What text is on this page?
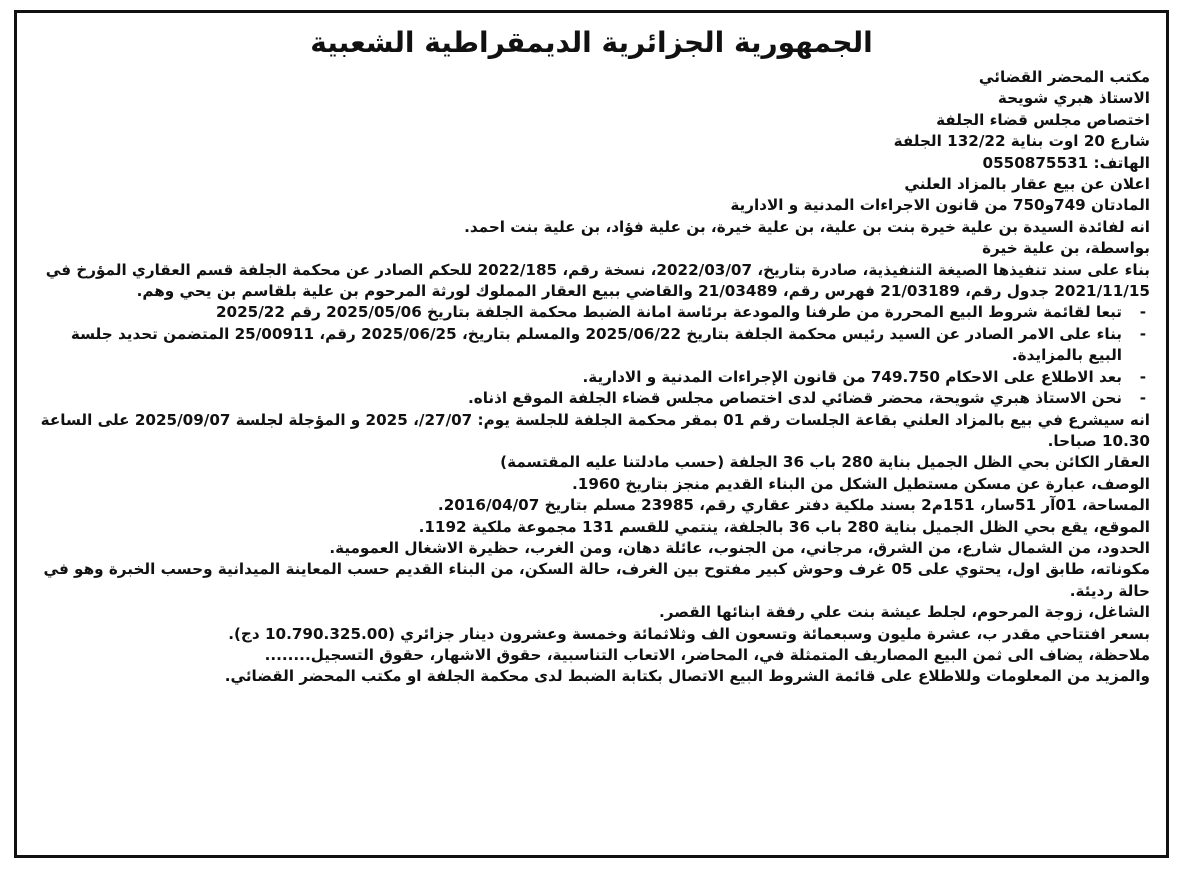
الجمهورية الجزائرية الديمقراطية الشعبية

مكتب المحضر القضائي

الاستاذ هبري شويحة

اختصاص مجلس قضاء الجلفة

شارع 20 اوت بناية 132/22 الجلفة

الهاتف: 0550875531

اعلان عن بيع عقار بالمزاد العلني

المادتان 749و750 من قانون الاجراءات المدنية و الادارية

انه لفائدة السيدة بن علية خيرة بنت بن علية، بن علية خيرة، بن علية فؤاد، بن علية بنت احمد.

بواسطة، بن علية خيرة

بناء على سند تنفيذها الصيغة التنفيذية، صادرة بتاريخ، 2022/03/07، نسخة رقم، 2022/185 للحكم الصادر عن محكمة الجلفة قسم العقاري المؤرخ في 2021/11/15 جدول رقم، 21/03189 فهرس رقم، 21/03489 والقاضي ببيع العقار المملوك لورثة المرحوم بن علية بلقاسم بن يحي وهم.

-
تبعا لقائمة شروط البيع المحررة من طرفنا والمودعة برئاسة امانة الضبط محكمة الجلفة بتاريخ 2025/05/06 رقم 2025/22

-
بناء على الامر الصادر عن السيد رئيس محكمة الجلفة بتاريخ 2025/06/22 والمسلم بتاريخ، 2025/06/25 رقم، 25/00911 المتضمن تحديد جلسة البيع بالمزايدة.

-
بعد الاطلاع على الاحكام 749.750 من قانون الإجراءات المدنية و الادارية.

-
نحن الاستاذ هبري شويحة، محضر قضائي لدى اختصاص مجلس قضاء الجلفة الموقع اذناه.

انه سيشرع في بيع بالمزاد العلني بقاعة الجلسات رقم 01 بمقر محكمة الجلفة للجلسة يوم: 27/07/، 2025 و المؤجلة لجلسة 2025/09/07 على الساعة 10.30 صباحا.

العقار الكائن بحي الظل الجميل بناية 280 باب 36 الجلفة (حسب مادلتنا عليه المقتسمة)

الوصف، عبارة عن مسكن مستطيل الشكل من البناء القديم منجز بتاريخ 1960.

المساحة، 01آر 51سار، 151م2 بسند ملكية دفتر عقاري رقم، 23985 مسلم بتاريخ 2016/04/07.

الموقع، يقع بحي الظل الجميل بناية 280 باب 36 بالجلفة، ينتمي للقسم 131 مجموعة ملكية 1192.

الحدود، من الشمال شارع، من الشرق، مرجاني، من الجنوب، عائلة دهان، ومن الغرب، حظيرة الاشغال العمومية.

مكوناته، طابق اول، يحتوي على 05 غرف وحوش كبير مفتوح بين الغرف، حالة السكن، من البناء القديم حسب المعاينة الميدانية وحسب الخبرة وهو في حالة رديئة.

الشاغل، زوجة المرحوم، لجلط عيشة بنت علي رفقة ابنائها القصر.

بسعر افتتاحي مقدر ب، عشرة مليون وسبعمائة وتسعون الف وثلاثمائة وخمسة وعشرون دينار جزائري (10.790.325.00 دج).

ملاحظة، يضاف الى ثمن البيع المصاريف المتمثلة في، المحاضر، الاتعاب التناسبية، حقوق الاشهار، حقوق التسجيل........

والمزيد من المعلومات وللاطلاع على قائمة الشروط البيع الاتصال بكتابة الضبط لدى محكمة الجلفة او مكتب المحضر القضائي.
